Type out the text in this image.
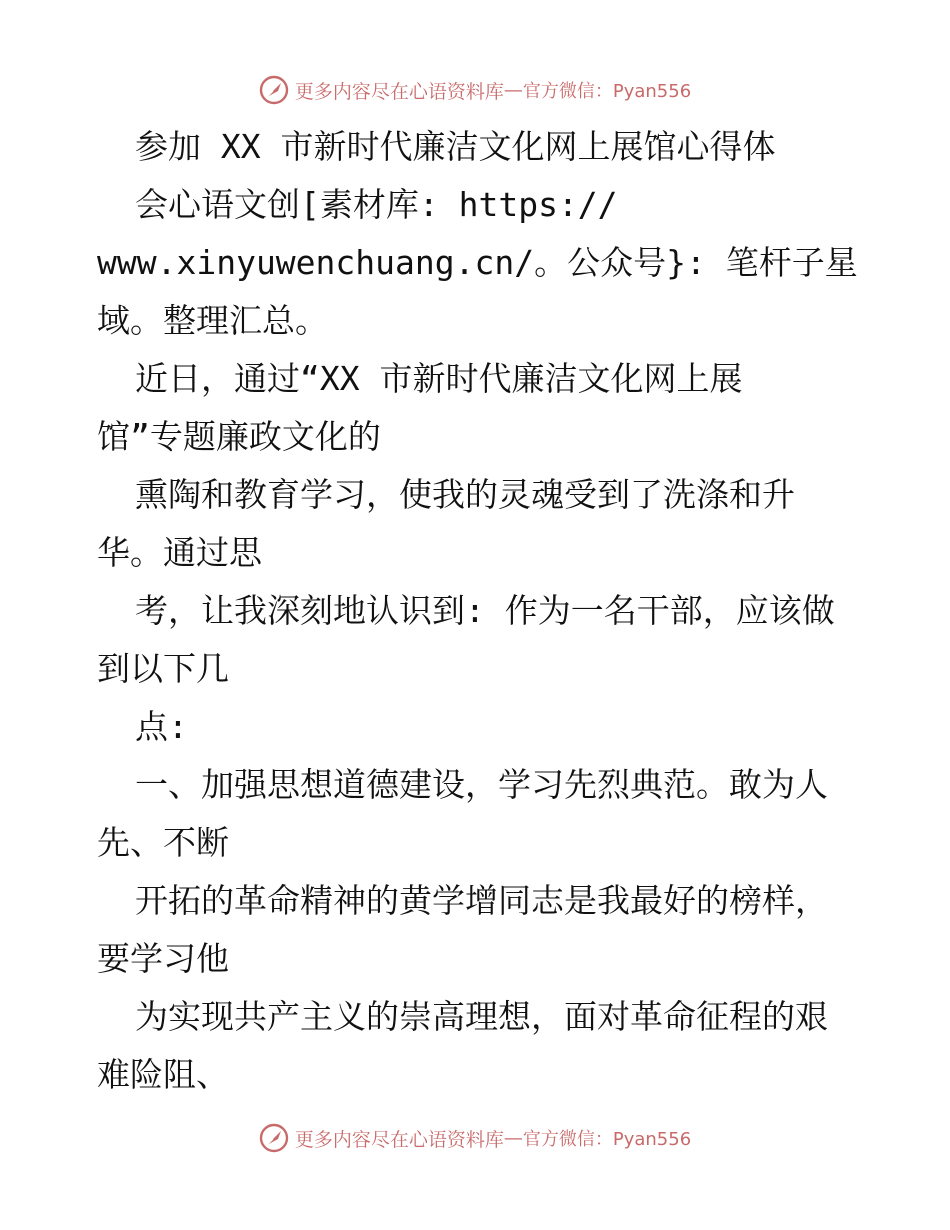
更多内容尽在心语资料库 — 官方微信：Pyan556
参加 XX 市新时代廉洁文化网上展馆心得体
会心语文创[素材库: https://
www.xinyuwenchuang.cn/。公众号}: 笔杆子星
域。整理汇总。
近日，通过“XX 市新时代廉洁文化网上展
馆”专题廉政文化的
熏陶和教育学习，使我的灵魂受到了洗涤和升
华。通过思
考，让我深刻地认识到: 作为一名干部，应该做
到以下几
点:
一、加强思想道德建设，学习先烈典范。敢为人
先、不断
开拓的革命精神的黄学增同志是我最好的榜样，
要学习他
为实现共产主义的崇高理想，面对革命征程的艰
难险阻、
更多内容尽在心语资料库 — 官方微信：Pyan556
